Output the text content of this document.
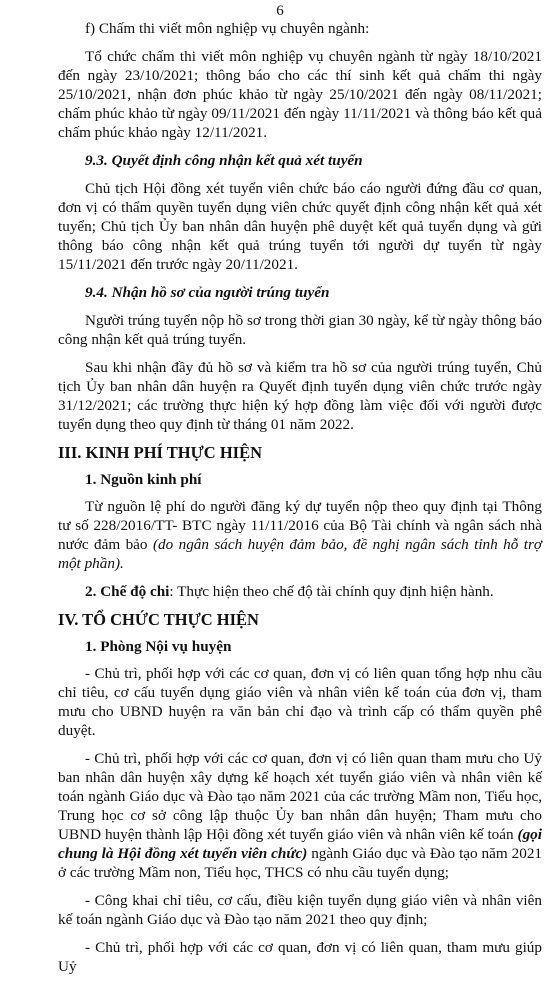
6

f) Chấm thi viết môn nghiệp vụ chuyên ngành:

Tổ chức chấm thi viết môn nghiệp vụ chuyên ngành từ ngày 18/10/2021 đến ngày 23/10/2021; thông báo cho các thí sinh kết quả chấm thi ngày 25/10/2021, nhận đơn phúc khảo từ ngày 25/10/2021 đến ngày 08/11/2021; chấm phúc khảo từ ngày 09/11/2021 đến ngày 11/11/2021 và thông báo kết quả chấm phúc khảo ngày 12/11/2021.

9.3. Quyết định công nhận kết quả xét tuyển

Chủ tịch Hội đồng xét tuyển viên chức báo cáo người đứng đầu cơ quan, đơn vị có thẩm quyền tuyển dụng viên chức quyết định công nhận kết quả xét tuyển; Chủ tịch Ủy ban nhân dân huyện phê duyệt kết quả tuyển dụng và gửi thông báo công nhận kết quả trúng tuyển tới người dự tuyển từ ngày 15/11/2021 đến trước ngày 20/11/2021.

9.4. Nhận hồ sơ của người trúng tuyển

Người trúng tuyển nộp hồ sơ trong thời gian 30 ngày, kể từ ngày thông báo công nhận kết quả trúng tuyển.

Sau khi nhận đầy đủ hồ sơ và kiểm tra hồ sơ của người trúng tuyển, Chủ tịch Ủy ban nhân dân huyện ra Quyết định tuyển dụng viên chức trước ngày 31/12/2021; các trường thực hiện ký hợp đồng làm việc đối với người được tuyển dụng theo quy định từ tháng 01 năm 2022.

III. KINH PHÍ THỰC HIỆN

1. Nguồn kinh phí

Từ nguồn lệ phí do người đăng ký dự tuyển nộp theo quy định tại Thông tư số 228/2016/TT- BTC ngày 11/11/2016 của Bộ Tài chính và ngân sách nhà nước đảm bảo (do ngân sách huyện đảm bảo, đề nghị ngân sách tỉnh hỗ trợ một phần).

2. Chế độ chi: Thực hiện theo chế độ tài chính quy định hiện hành.

IV. TỔ CHỨC THỰC HIỆN

1. Phòng Nội vụ huyện

- Chủ trì, phối hợp với các cơ quan, đơn vị có liên quan tổng hợp nhu cầu chỉ tiêu, cơ cấu tuyển dụng giáo viên và nhân viên kế toán của đơn vị, tham mưu cho UBND huyện ra văn bản chỉ đạo và trình cấp có thẩm quyền phê duyệt.

- Chủ trì, phối hợp với các cơ quan, đơn vị có liên quan tham mưu cho Uỷ ban nhân dân huyện xây dựng kế hoạch xét tuyển giáo viên và nhân viên kế toán ngành Giáo dục và Đào tạo năm 2021 của các trường Mầm non, Tiểu học, Trung học cơ sở công lập thuộc Ủy ban nhân dân huyện; Tham mưu cho UBND huyện thành lập Hội đồng xét tuyển giáo viên và nhân viên kế toán (gọi chung là Hội đồng xét tuyển viên chức) ngành Giáo dục và Đào tạo năm 2021 ở các trường Mầm non, Tiểu học, THCS có nhu cầu tuyển dụng;

- Công khai chỉ tiêu, cơ cấu, điều kiện tuyển dụng giáo viên và nhân viên kế toán ngành Giáo dục và Đào tạo năm 2021 theo quy định;

- Chủ trì, phối hợp với các cơ quan, đơn vị có liên quan, tham mưu giúp Uỷ
